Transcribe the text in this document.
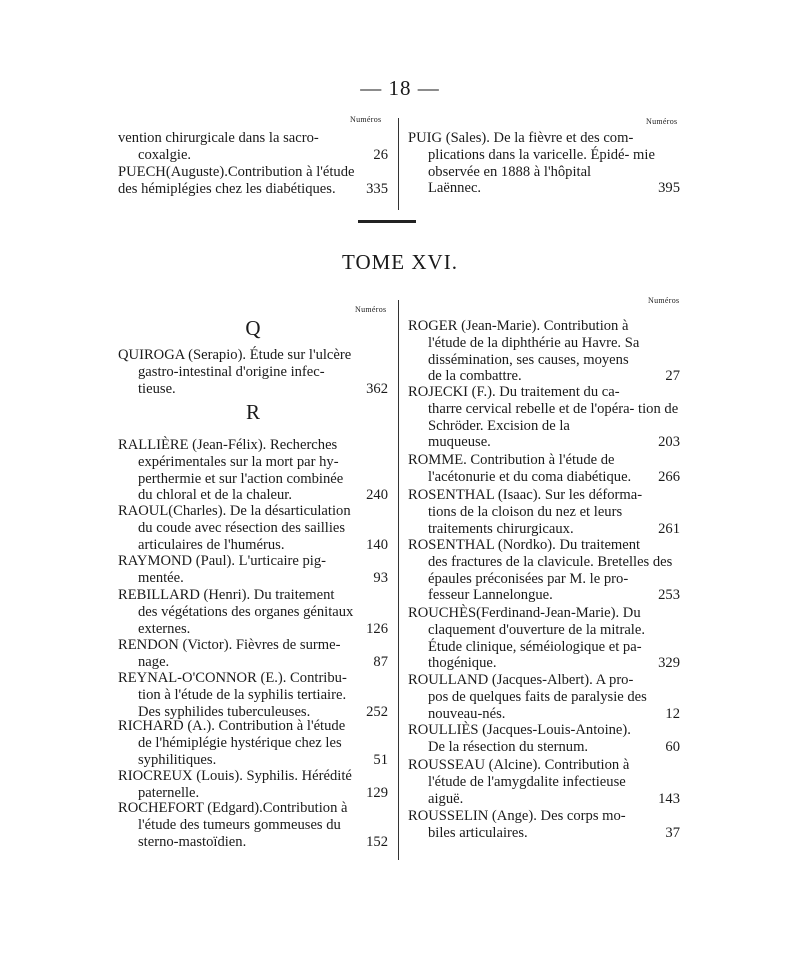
— 18 —
Numéros	Numéros
vention chirurgicale dans la sacro-
coxalgie.	26
PUECH(Auguste).Contribution à l'étude
des hémiplégies chez les diabétiques. 335
PUIG (Sales). De la fièvre et des com-
plications dans la varicelle. Épidé- mie observée en 1888 à l'hôpital
Laënnec.	395
TOME XVI.
Numéros
Numéros
Q
R
QUIROGA (Serapio). Étude sur l'ulcère
gastro-intestinal d'origine infec-
tieuse.	362
RALLIÈRE (Jean-Félix). Recherches
expérimentales sur la mort par hy- perthermie et sur l'action combinée
du chloral et de la chaleur.	240
RAOUL(Charles). De la désarticulation
du coude avec résection des saillies
articulaires de l'humérus.	140
RAYMOND (Paul). L'urticaire pig-
mentée.	93
REBILLARD (Henri). Du traitement
des végétations des organes génitaux
externes.	126
RENDON (Victor). Fièvres de surme-
nage.	87
REYNAL-O'CONNOR (E.). Contribu-
tion à l'étude de la syphilis tertiaire.
Des syphilides tuberculeuses.	252
RICHARD (A.). Contribution à l'étude
de l'hémiplégie hystérique chez les
syphilitiques.	51
RIOCREUX (Louis). Syphilis. Hérédité
paternelle.	129
ROCHEFORT (Edgard).Contribution à
l'étude des tumeurs gommeuses du
sterno-mastoïdien.	152
ROGER (Jean-Marie). Contribution à
l'étude de la diphthérie au Havre. Sa dissémination, ses causes, moyens
de la combattre.	27
ROJECKI (F.). Du traitement du ca-
tharre cervical rebelle et de l'opéra- tion de Schröder. Excision de la
muqueuse.	203
ROMME. Contribution à l'étude de
l'acétonurie et du coma diabétique. 266
ROSENTHAL (Isaac). Sur les déforma-
tions de la cloison du nez et leurs
traitements chirurgicaux.	261
ROSENTHAL (Nordko). Du traitement
des fractures de la clavicule. Bretelles des épaules préconisées par M. le pro-
fesseur Lannelongue.	253
ROUCHÈS(Ferdinand-Jean-Marie). Du
claquement d'ouverture de la mitrale. Étude clinique, séméiologique et pa-
thogénique.	329
ROULLAND (Jacques-Albert). A pro-
pos de quelques faits de paralysie des
nouveau-nés.	12
ROULLIÈS (Jacques-Louis-Antoine).
De la résection du sternum.	60
ROUSSEAU (Alcine). Contribution à
l'étude de l'amygdalite infectieuse
aiguë.	143
ROUSSELIN (Ange). Des corps mo-
biles articulaires.	37
